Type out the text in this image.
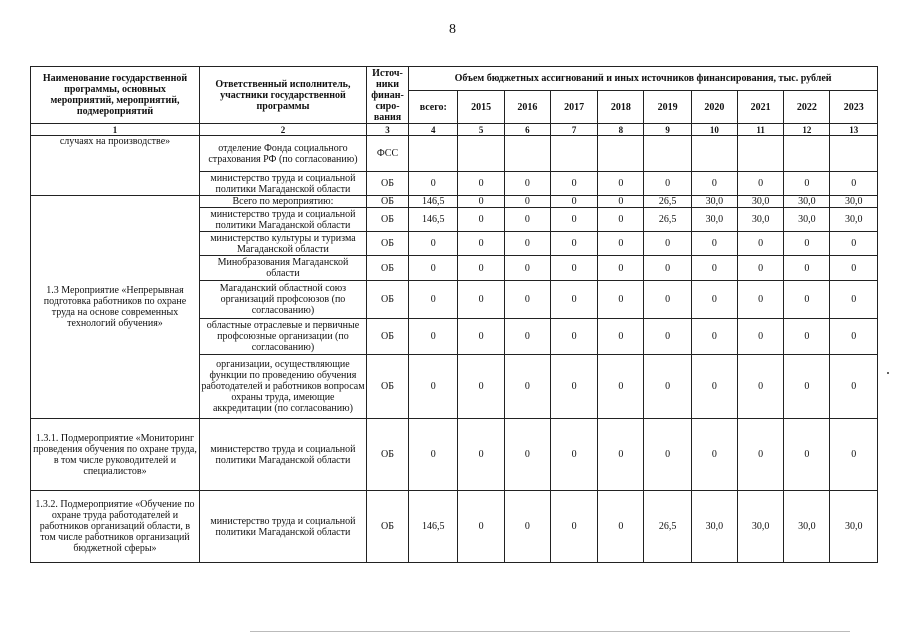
8
Наименование государственной программы, основных мероприятий, мероприятий, подмероприятий	Ответственный исполнитель, участники государственной программы	Источ-ники финан-сиро-вания	Объем бюджетных ассигнований и иных источников финансирования, тыс. рублей									
			всего:	2015	2016	2017	2018	2019	2020	2021	2022	2023
1	2	3	4	5	6	7	8	9	10	11	12	13
случаях на производстве»	отделение Фонда социального страхования РФ (по согласованию)	ФСС										
	министерство труда и социальной политики Магаданской области	ОБ	0	0	0	0	0	0	0	0	0	0
1.3 Мероприятие «Непрерывная подготовка работников по охране труда на основе современных технологий обучения»	Всего по мероприятию:	ОБ	146,5	0	0	0	0	26,5	30,0	30,0	30,0	30,0
	министерство труда и социальной политики Магаданской области	ОБ	146,5	0	0	0	0	26,5	30,0	30,0	30,0	30,0
	министерство культуры и туризма Магаданской области	ОБ	0	0	0	0	0	0	0	0	0	0
	Минобразования Магаданской области	ОБ	0	0	0	0	0	0	0	0	0	0
	Магаданский областной союз организаций профсоюзов (по согласованию)	ОБ	0	0	0	0	0	0	0	0	0	0
	областные отраслевые и первичные профсоюзные организации (по согласованию)	ОБ	0	0	0	0	0	0	0	0	0	0
	организации, осуществляющие функции по проведению обучения работодателей и работников вопросам охраны труда, имеющие аккредитации (по согласованию)	ОБ	0	0	0	0	0	0	0	0	0	0
1.3.1. Подмероприятие «Мониторинг проведения обучения по охране труда, в том числе руководителей и специалистов»	министерство труда и социальной политики Магаданской области	ОБ	0	0	0	0	0	0	0	0	0	0
1.3.2. Подмероприятие «Обучение по охране труда работодателей и работников организаций области, в том числе работников организаций бюджетной сферы»	министерство труда и социальной политики Магаданской области	ОБ	146,5	0	0	0	0	26,5	30,0	30,0	30,0	30,0
